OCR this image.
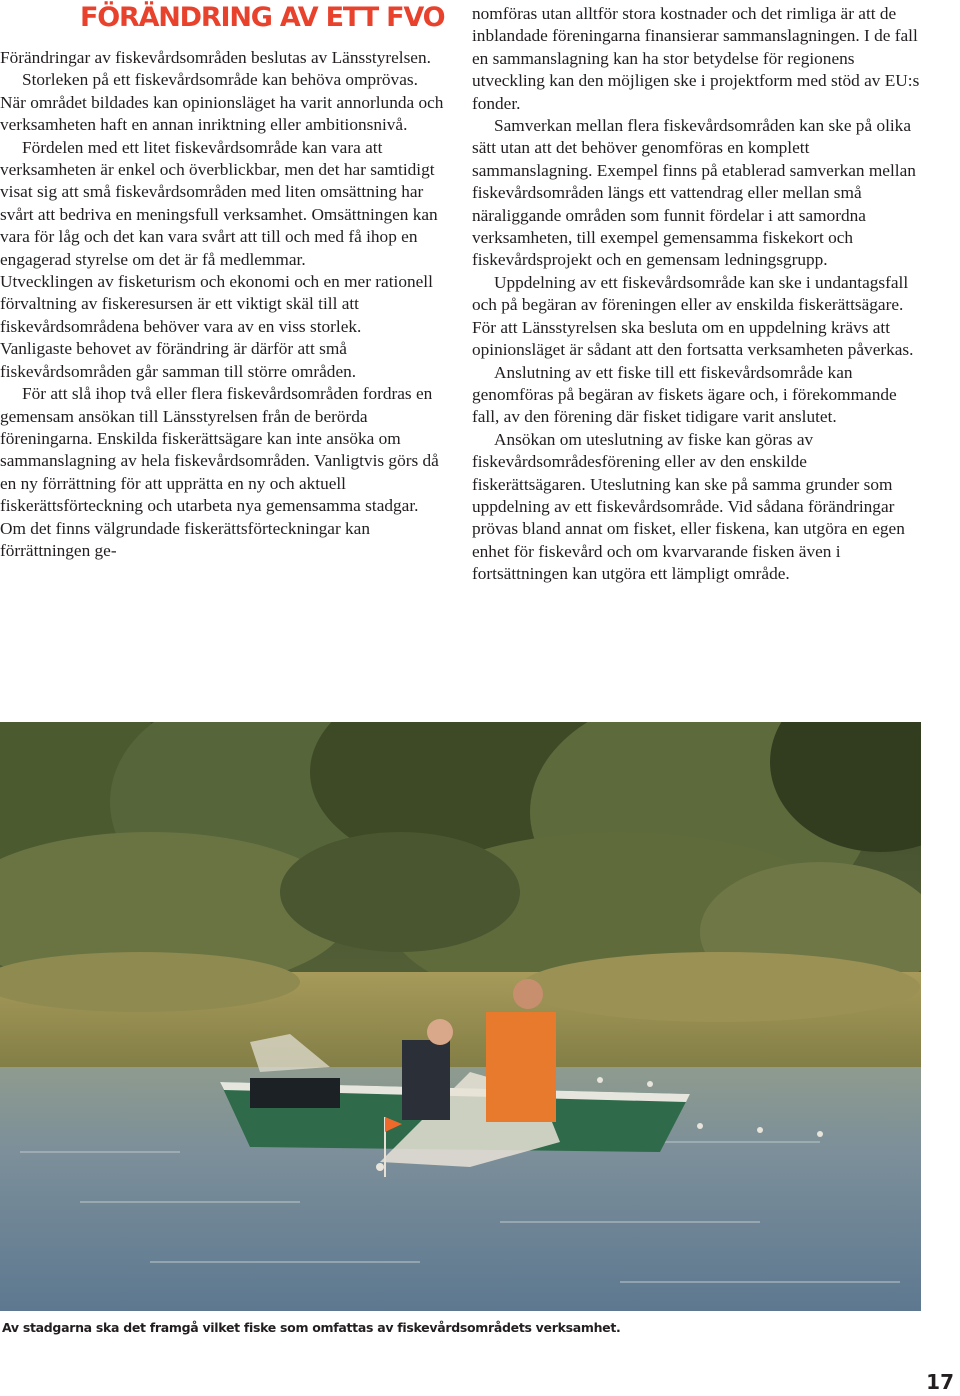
FÖRÄNDRING AV ETT FVO

Förändringar av fiskevårdsområden beslutas av Länsstyrelsen.

Storleken på ett fiskevårdsområde kan behöva omprövas. När området bildades kan opinionsläget ha varit annorlunda och verksamheten haft en annan inriktning eller ambitionsnivå.

Fördelen med ett litet fiskevårdsområde kan vara att verksamheten är enkel och överblickbar, men det har samtidigt visat sig att små fiskevårdsområden med liten omsättning har svårt att bedriva en meningsfull verksamhet. Omsättningen kan vara för låg och det kan vara svårt att till och med få ihop en engagerad styrelse om det är få medlemmar.

Utvecklingen av fisketurism och ekonomi och en mer rationell förvaltning av fiskeresursen är ett viktigt skäl till att fiskevårdsområdena behöver vara av en viss storlek.

Vanligaste behovet av förändring är därför att små fiskevårdsområden går samman till större områden.

För att slå ihop två eller flera fiskevårdsområden fordras en gemensam ansökan till Länsstyrelsen från de berörda föreningarna. Enskilda fiskerättsägare kan inte ansöka om sammanslagning av hela fiskevårdsområden. Vanligtvis görs då en ny förrättning för att upprätta en ny och aktuell fiskerättsförteckning och utarbeta nya gemensamma stadgar. Om det finns välgrundade fiskerättsförteckningar kan förrättningen ge-

nomföras utan alltför stora kostnader och det rimliga är att de inblandade föreningarna finansierar sammanslagningen. I de fall en sammanslagning kan ha stor betydelse för regionens utveckling kan den möjligen ske i projektform med stöd av EU:s fonder.

Samverkan mellan flera fiskevårdsområden kan ske på olika sätt utan att det behöver genomföras en komplett sammanslagning. Exempel finns på etablerad samverkan mellan fiskevårdsområden längs ett vattendrag eller mellan små näraliggande områden som funnit fördelar i att samordna verksamheten, till exempel gemensamma fiskekort och fiskevårdsprojekt och en gemensam ledningsgrupp.

Uppdelning av ett fiskevårdsområde kan ske i undantagsfall och på begäran av föreningen eller av enskilda fiskerättsägare. För att Länsstyrelsen ska besluta om en uppdelning krävs att opinionsläget är sådant att den fortsatta verksamheten påverkas.

Anslutning av ett fiske till ett fiskevårdsområde kan genomföras på begäran av fiskets ägare och, i förekommande fall, av den förening där fisket tidigare varit anslutet.

Ansökan om uteslutning av fiske kan göras av fiskevårdsområdesförening eller av den enskilde fiskerättsägaren. Uteslutning kan ske på samma grunder som uppdelning av ett fiskevårdsområde. Vid sådana förändringar prövas bland annat om fisket, eller fiskena, kan utgöra en egen enhet för fiskevård och om kvarvarande fisken även i fortsättningen kan utgöra ett lämpligt område.

Av stadgarna ska det framgå vilket fiske som omfattas av fiskevårdsområdets verksamhet.
17
